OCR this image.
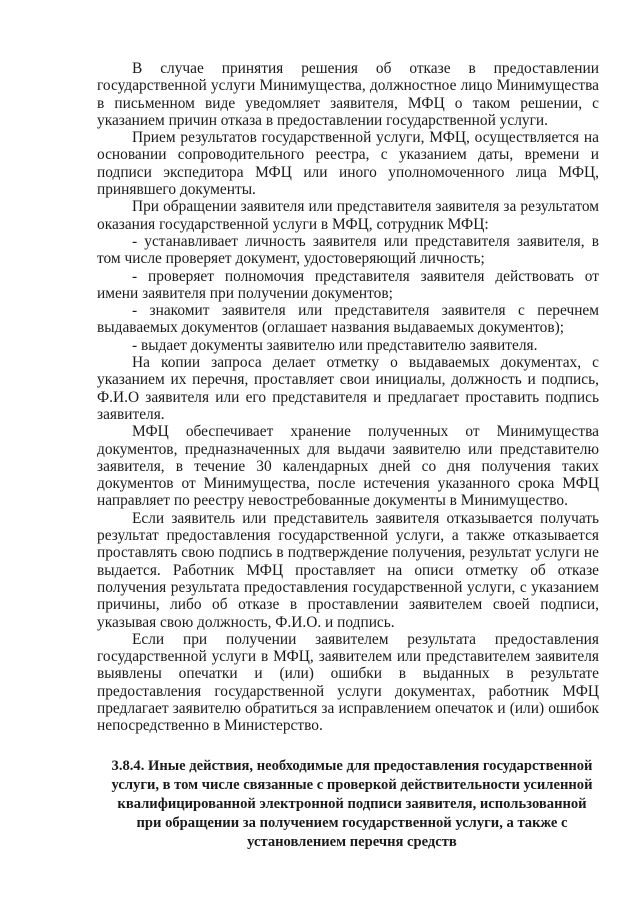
В случае принятия решения об отказе в предоставлении государственной услуги Минимущества, должностное лицо Минимущества в письменном виде уведомляет заявителя, МФЦ о таком решении, с указанием причин отказа в предоставлении государственной услуги.

Прием результатов государственной услуги, МФЦ, осуществляется на основании сопроводительного реестра, с указанием даты, времени и подписи экспедитора МФЦ или иного уполномоченного лица МФЦ, принявшего документы.

При обращении заявителя или представителя заявителя за результатом оказания государственной услуги в МФЦ, сотрудник МФЦ:

- устанавливает личность заявителя или представителя заявителя, в том числе проверяет документ, удостоверяющий личность;

- проверяет полномочия представителя заявителя действовать от имени заявителя при получении документов;

- знакомит заявителя или представителя заявителя с перечнем выдаваемых документов (оглашает названия выдаваемых документов);

- выдает документы заявителю или представителю заявителя.

На копии запроса делает отметку о выдаваемых документах, с указанием их перечня, проставляет свои инициалы, должность и подпись, Ф.И.О заявителя или его представителя и предлагает проставить подпись заявителя.

МФЦ обеспечивает хранение полученных от Минимущества документов, предназначенных для выдачи заявителю или представителю заявителя, в течение 30 календарных дней со дня получения таких документов от Минимущества, после истечения указанного срока МФЦ направляет по реестру невостребованные документы в Минимущество.

Если заявитель или представитель заявителя отказывается получать результат предоставления государственной услуги, а также отказывается проставлять свою подпись в подтверждение получения, результат услуги не выдается. Работник МФЦ проставляет на описи отметку об отказе получения результата предоставления государственной услуги, с указанием причины, либо об отказе в проставлении заявителем своей подписи, указывая свою должность, Ф.И.О. и подпись.

Если при получении заявителем результата предоставления государственной услуги в МФЦ, заявителем или представителем заявителя выявлены опечатки и (или) ошибки в выданных в результате предоставления государственной услуги документах, работник МФЦ предлагает заявителю обратиться за исправлением опечаток и (или) ошибок непосредственно в Министерство.

3.8.4. Иные действия, необходимые для предоставления государственной услуги, в том числе связанные с проверкой действительности усиленной квалифицированной электронной подписи заявителя, использованной при обращении за получением государственной услуги, а также с установлением перечня средств
